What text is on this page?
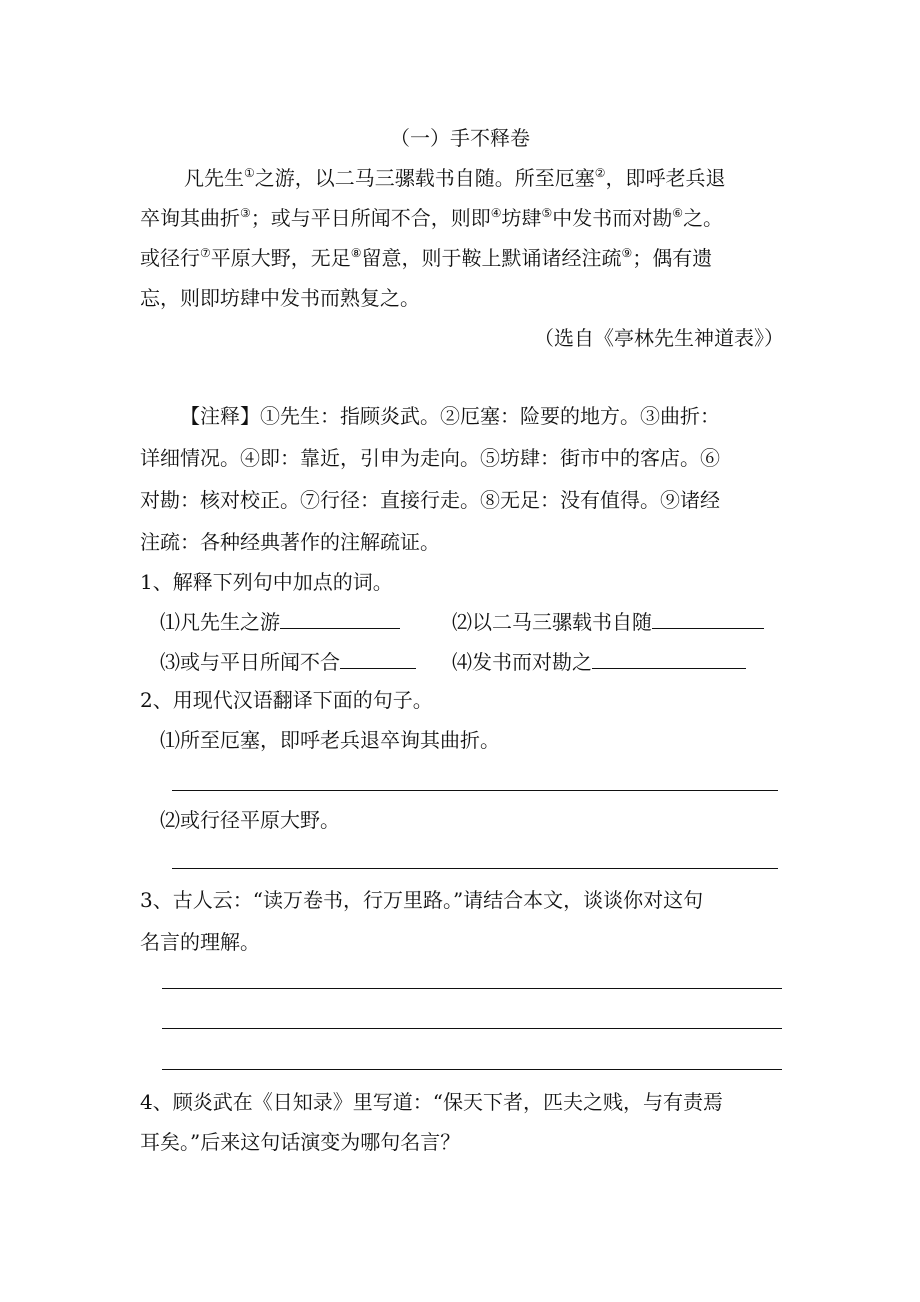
（一）手不释卷
凡先生①之游，以二马三骡载书自随。所至厄塞②，即呼老兵退
卒询其曲折③；或与平日所闻不合，则即④坊肆⑤中发书而对勘⑥之。
或径行⑦平原大野，无足⑧留意，则于鞍上默诵诸经注疏⑨；偶有遗
忘，则即坊肆中发书而熟复之。
（选自《亭林先生神道表》）
【注释】①先生：指顾炎武。②厄塞：险要的地方。③曲折：
详细情况。④即：靠近，引申为走向。⑤坊肆：街市中的客店。⑥
对勘：核对校正。⑦行径：直接行走。⑧无足：没有值得。⑨诸经
注疏：各种经典著作的注解疏证。
1、解释下列句中加点的词。
⑴凡先生之游	⑵以二马三骡载书自随
⑶或与平日所闻不合	⑷发书而对勘之
2、用现代汉语翻译下面的句子。
⑴所至厄塞，即呼老兵退卒询其曲折。
⑵或行径平原大野。
3、古人云：“读万卷书，行万里路。”请结合本文，谈谈你对这句
名言的理解。
4、顾炎武在《日知录》里写道：“保天下者，匹夫之贱，与有责焉
耳矣。”后来这句话演变为哪句名言？
